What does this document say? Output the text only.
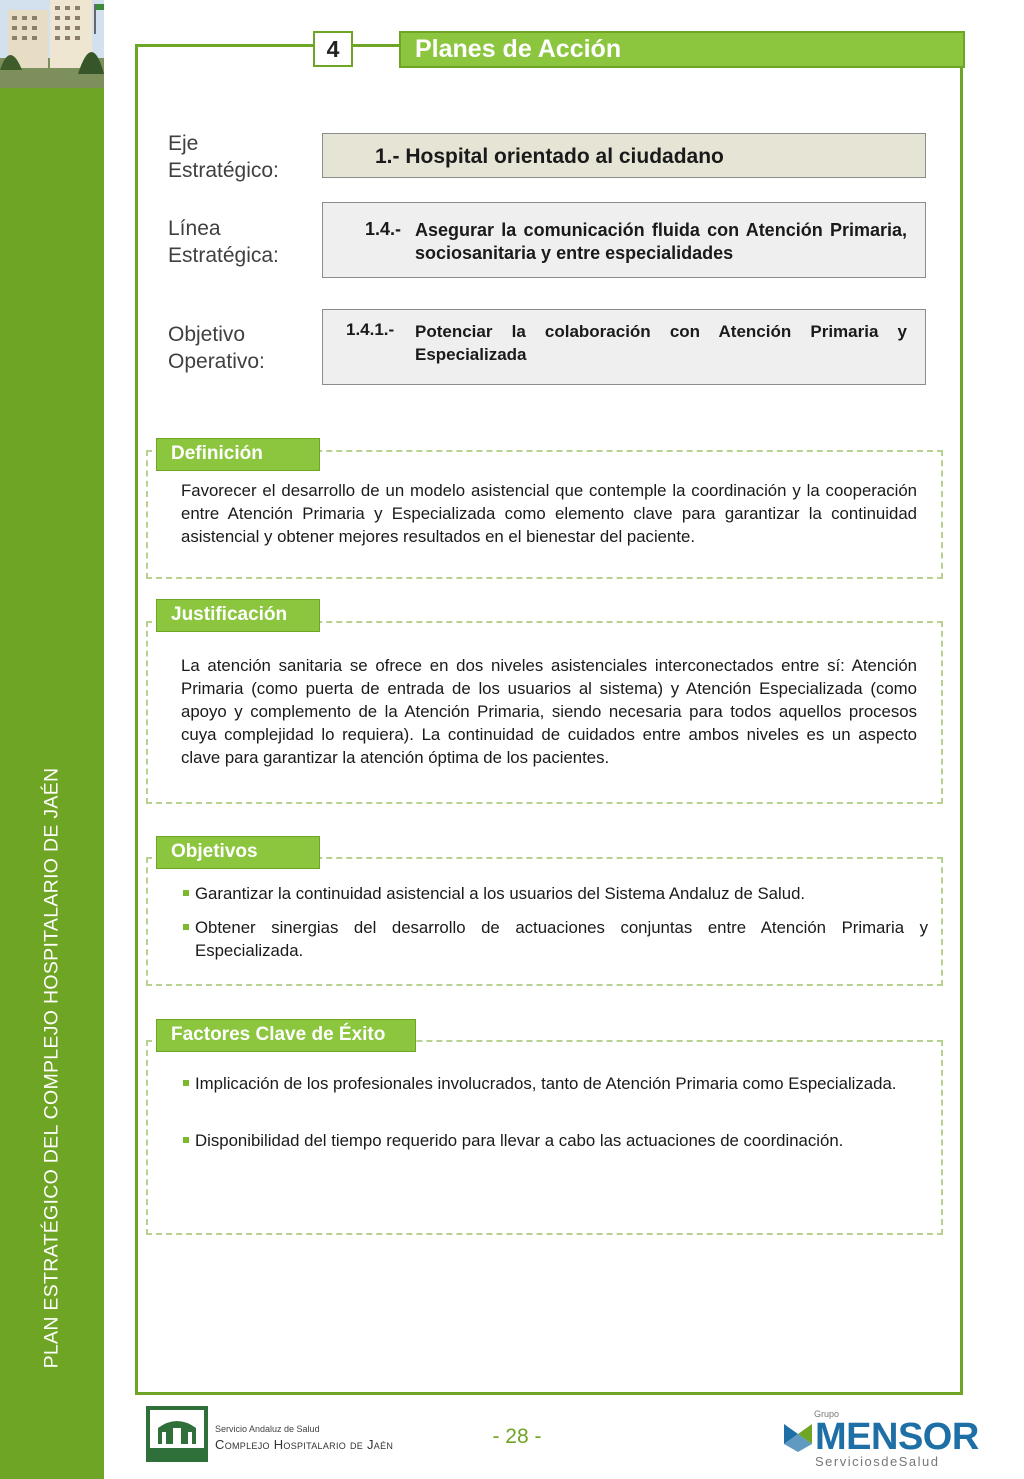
PLAN ESTRATÉGICO DEL COMPLEJO HOSPITALARIO DE JAÉN
4	Planes de Acción
Eje
Estratégico:
1.- Hospital orientado al ciudadano
Línea
Estratégica:
1.4.- Asegurar la comunicación fluida con Atención Primaria, sociosanitaria y entre especialidades
Objetivo
Operativo:
1.4.1.- Potenciar la colaboración con Atención Primaria y Especializada
Definición

Favorecer el desarrollo de un modelo asistencial que contemple la coordinación y la cooperación entre Atención Primaria y Especializada como elemento clave para garantizar la continuidad asistencial y obtener mejores resultados en el bienestar del paciente.

Justificación

La atención sanitaria se ofrece en dos niveles asistenciales interconectados entre sí: Atención Primaria (como puerta de entrada de los usuarios al sistema) y Atención Especializada (como apoyo y complemento de la Atención Primaria, siendo necesaria para todos aquellos procesos cuya complejidad lo requiera). La continuidad de cuidados entre ambos niveles es un aspecto clave para garantizar la atención óptima de los pacientes.

Objetivos
Garantizar la continuidad asistencial a los usuarios del Sistema Andaluz de Salud.
Obtener sinergias del desarrollo de actuaciones conjuntas entre Atención Primaria y Especializada.
Factores Clave de Éxito
Implicación de los profesionales involucrados, tanto de Atención Primaria como Especializada.
Disponibilidad del tiempo requerido para llevar a cabo las actuaciones de coordinación.
Servicio Andaluz de Salud
Complejo Hospitalario de Jaén	- 28 -
Grupo
MENSOR
ServiciosdeSalud
